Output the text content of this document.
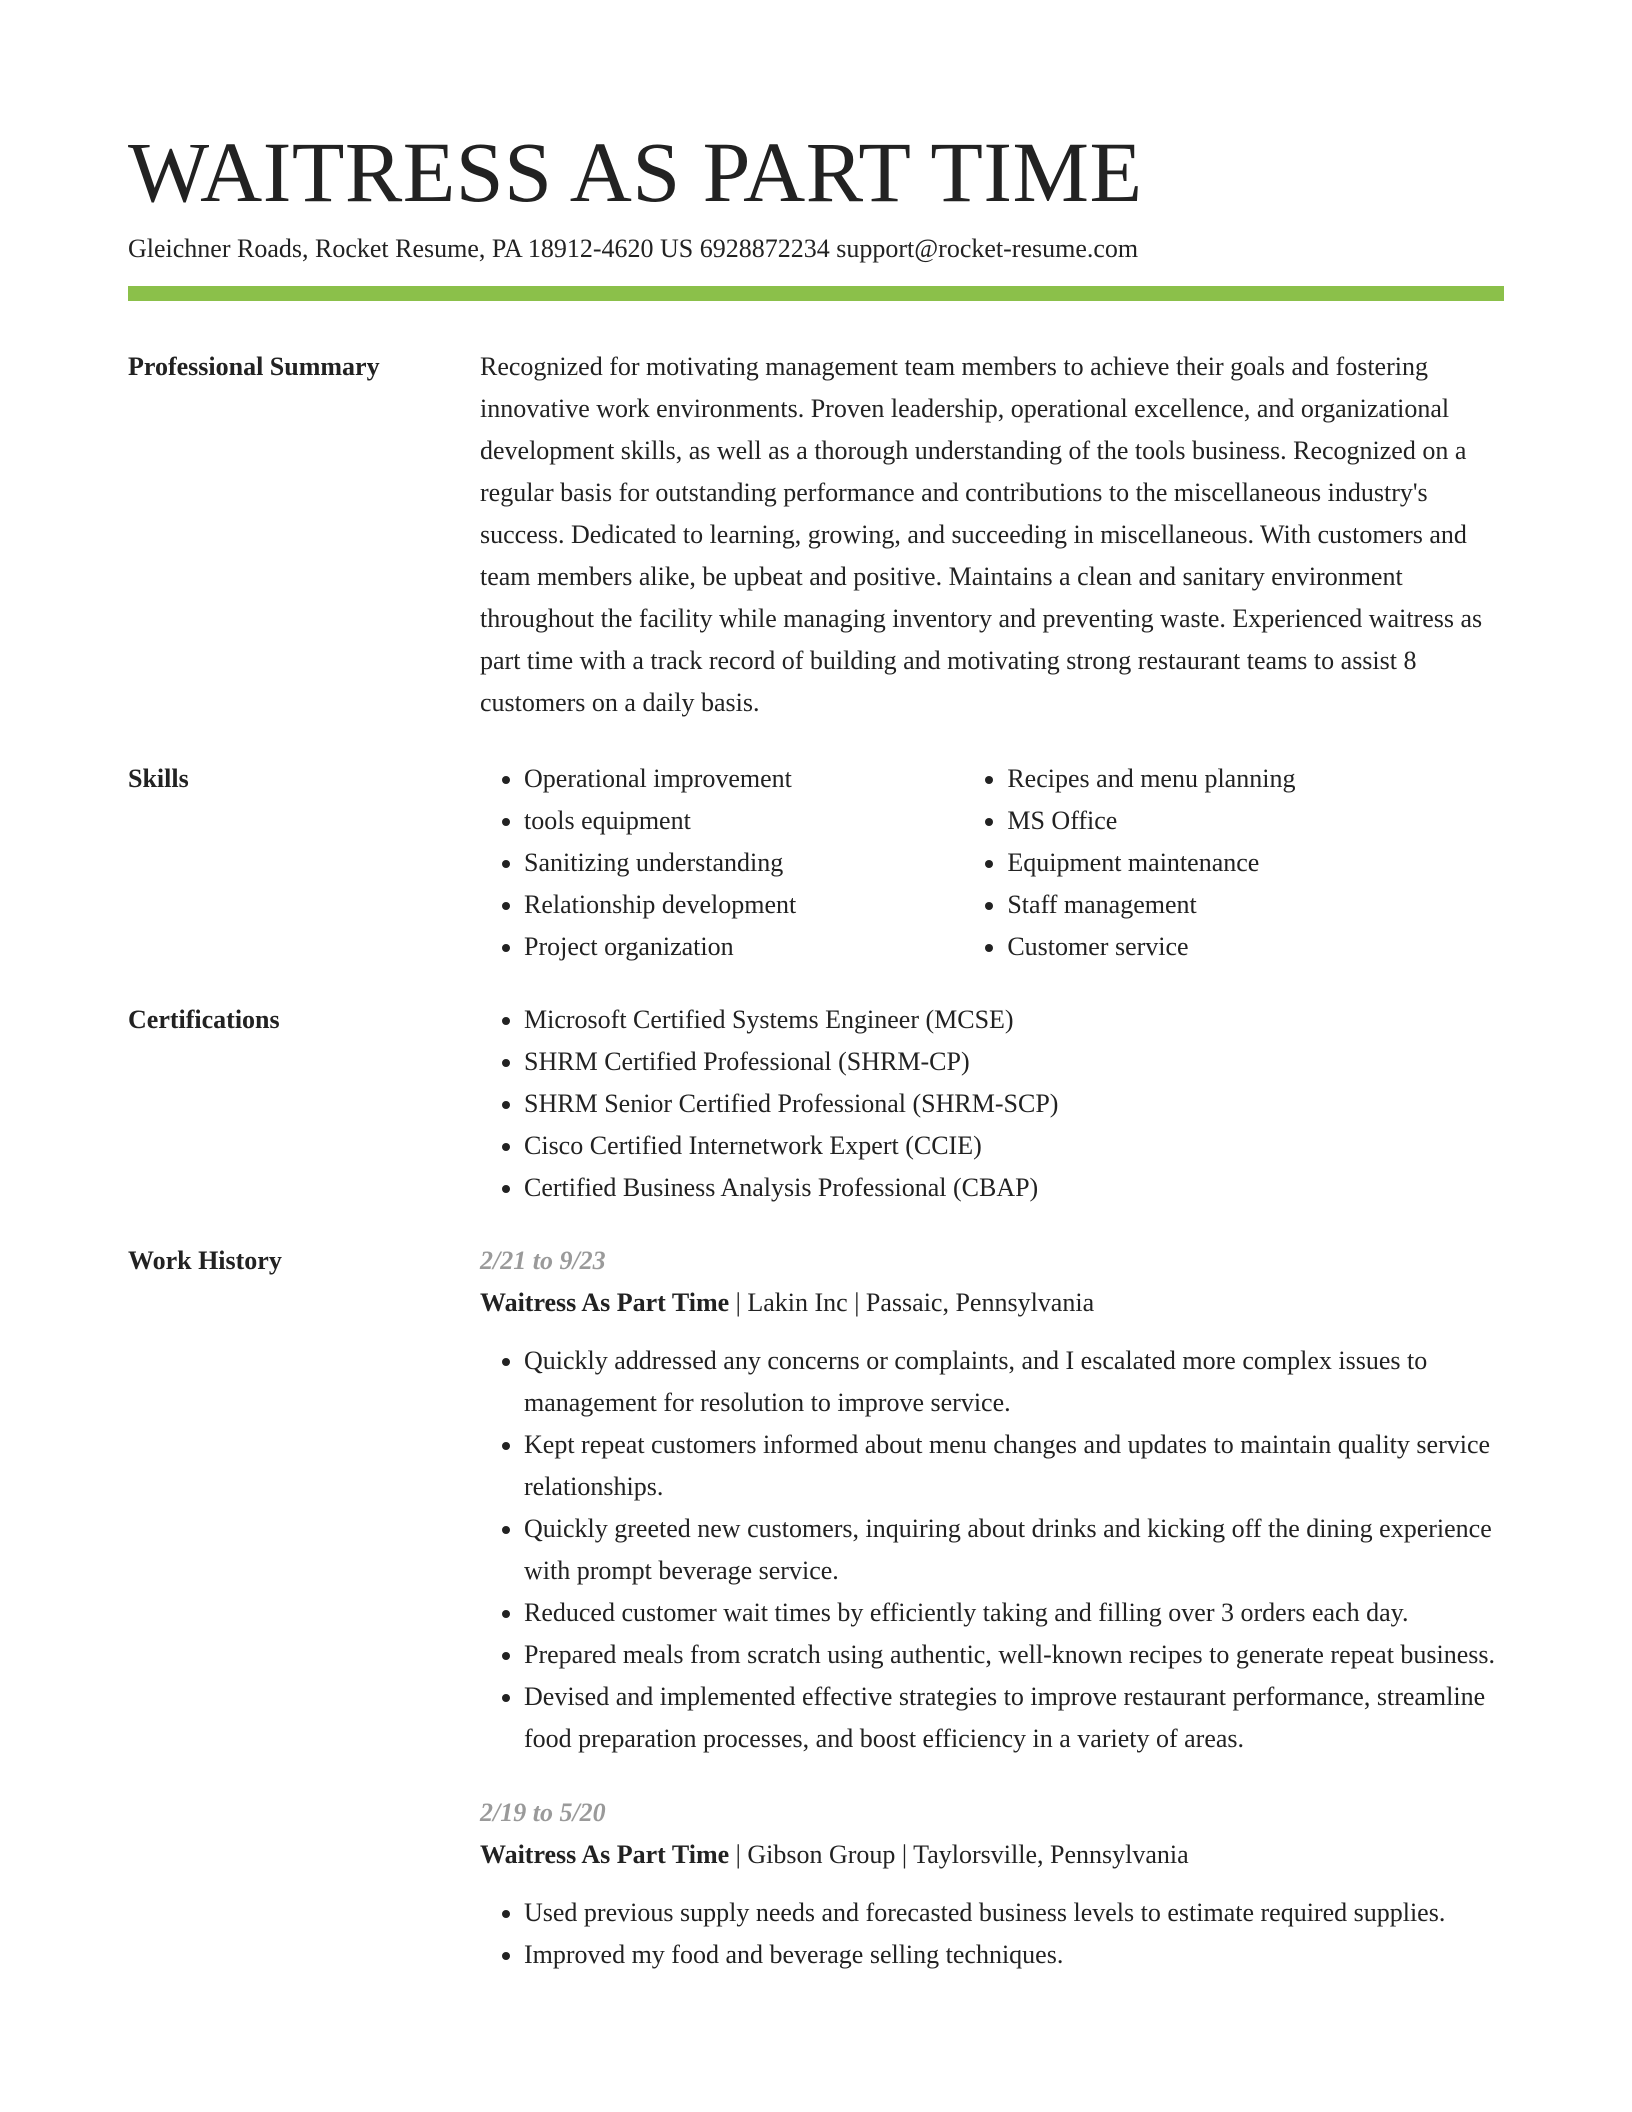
WAITRESS AS PART TIME
Gleichner Roads, Rocket Resume, PA 18912-4620 US 6928872234 support@rocket-resume.com
Professional Summary	Recognized for motivating management team members to achieve their goals and fostering innovative work environments. Proven leadership, operational excellence, and organizational development skills, as well as a thorough understanding of the tools business. Recognized on a regular basis for outstanding performance and contributions to the miscellaneous industry's success. Dedicated to learning, growing, and succeeding in miscellaneous. With customers and team members alike, be upbeat and positive. Maintains a clean and sanitary environment throughout the facility while managing inventory and preventing waste. Experienced waitress as part time with a track record of building and motivating strong restaurant teams to assist 8 customers on a daily basis.

Skills	• Operational improvement
• tools equipment
• Sanitizing understanding
• Relationship development
• Project organization
• Recipes and menu planning
• MS Office
• Equipment maintenance
• Staff management
• Customer service
Certifications	• Microsoft Certified Systems Engineer (MCSE)
• SHRM Certified Professional (SHRM-CP)
• SHRM Senior Certified Professional (SHRM-SCP)
• Cisco Certified Internetwork Expert (CCIE)
• Certified Business Analysis Professional (CBAP)
Work History	2/21 to 9/23
Waitress As Part Time | Lakin Inc | Passaic, Pennsylvania
• Quickly addressed any concerns or complaints, and I escalated more complex issues to management for resolution to improve service.
• Kept repeat customers informed about menu changes and updates to maintain quality service relationships.
• Quickly greeted new customers, inquiring about drinks and kicking off the dining experience with prompt beverage service.
• Reduced customer wait times by efficiently taking and filling over 3 orders each day.
• Prepared meals from scratch using authentic, well-known recipes to generate repeat business.
• Devised and implemented effective strategies to improve restaurant performance, streamline food preparation processes, and boost efficiency in a variety of areas.
2/19 to 5/20
Waitress As Part Time | Gibson Group | Taylorsville, Pennsylvania
• Used previous supply needs and forecasted business levels to estimate required supplies.
• Improved my food and beverage selling techniques.
